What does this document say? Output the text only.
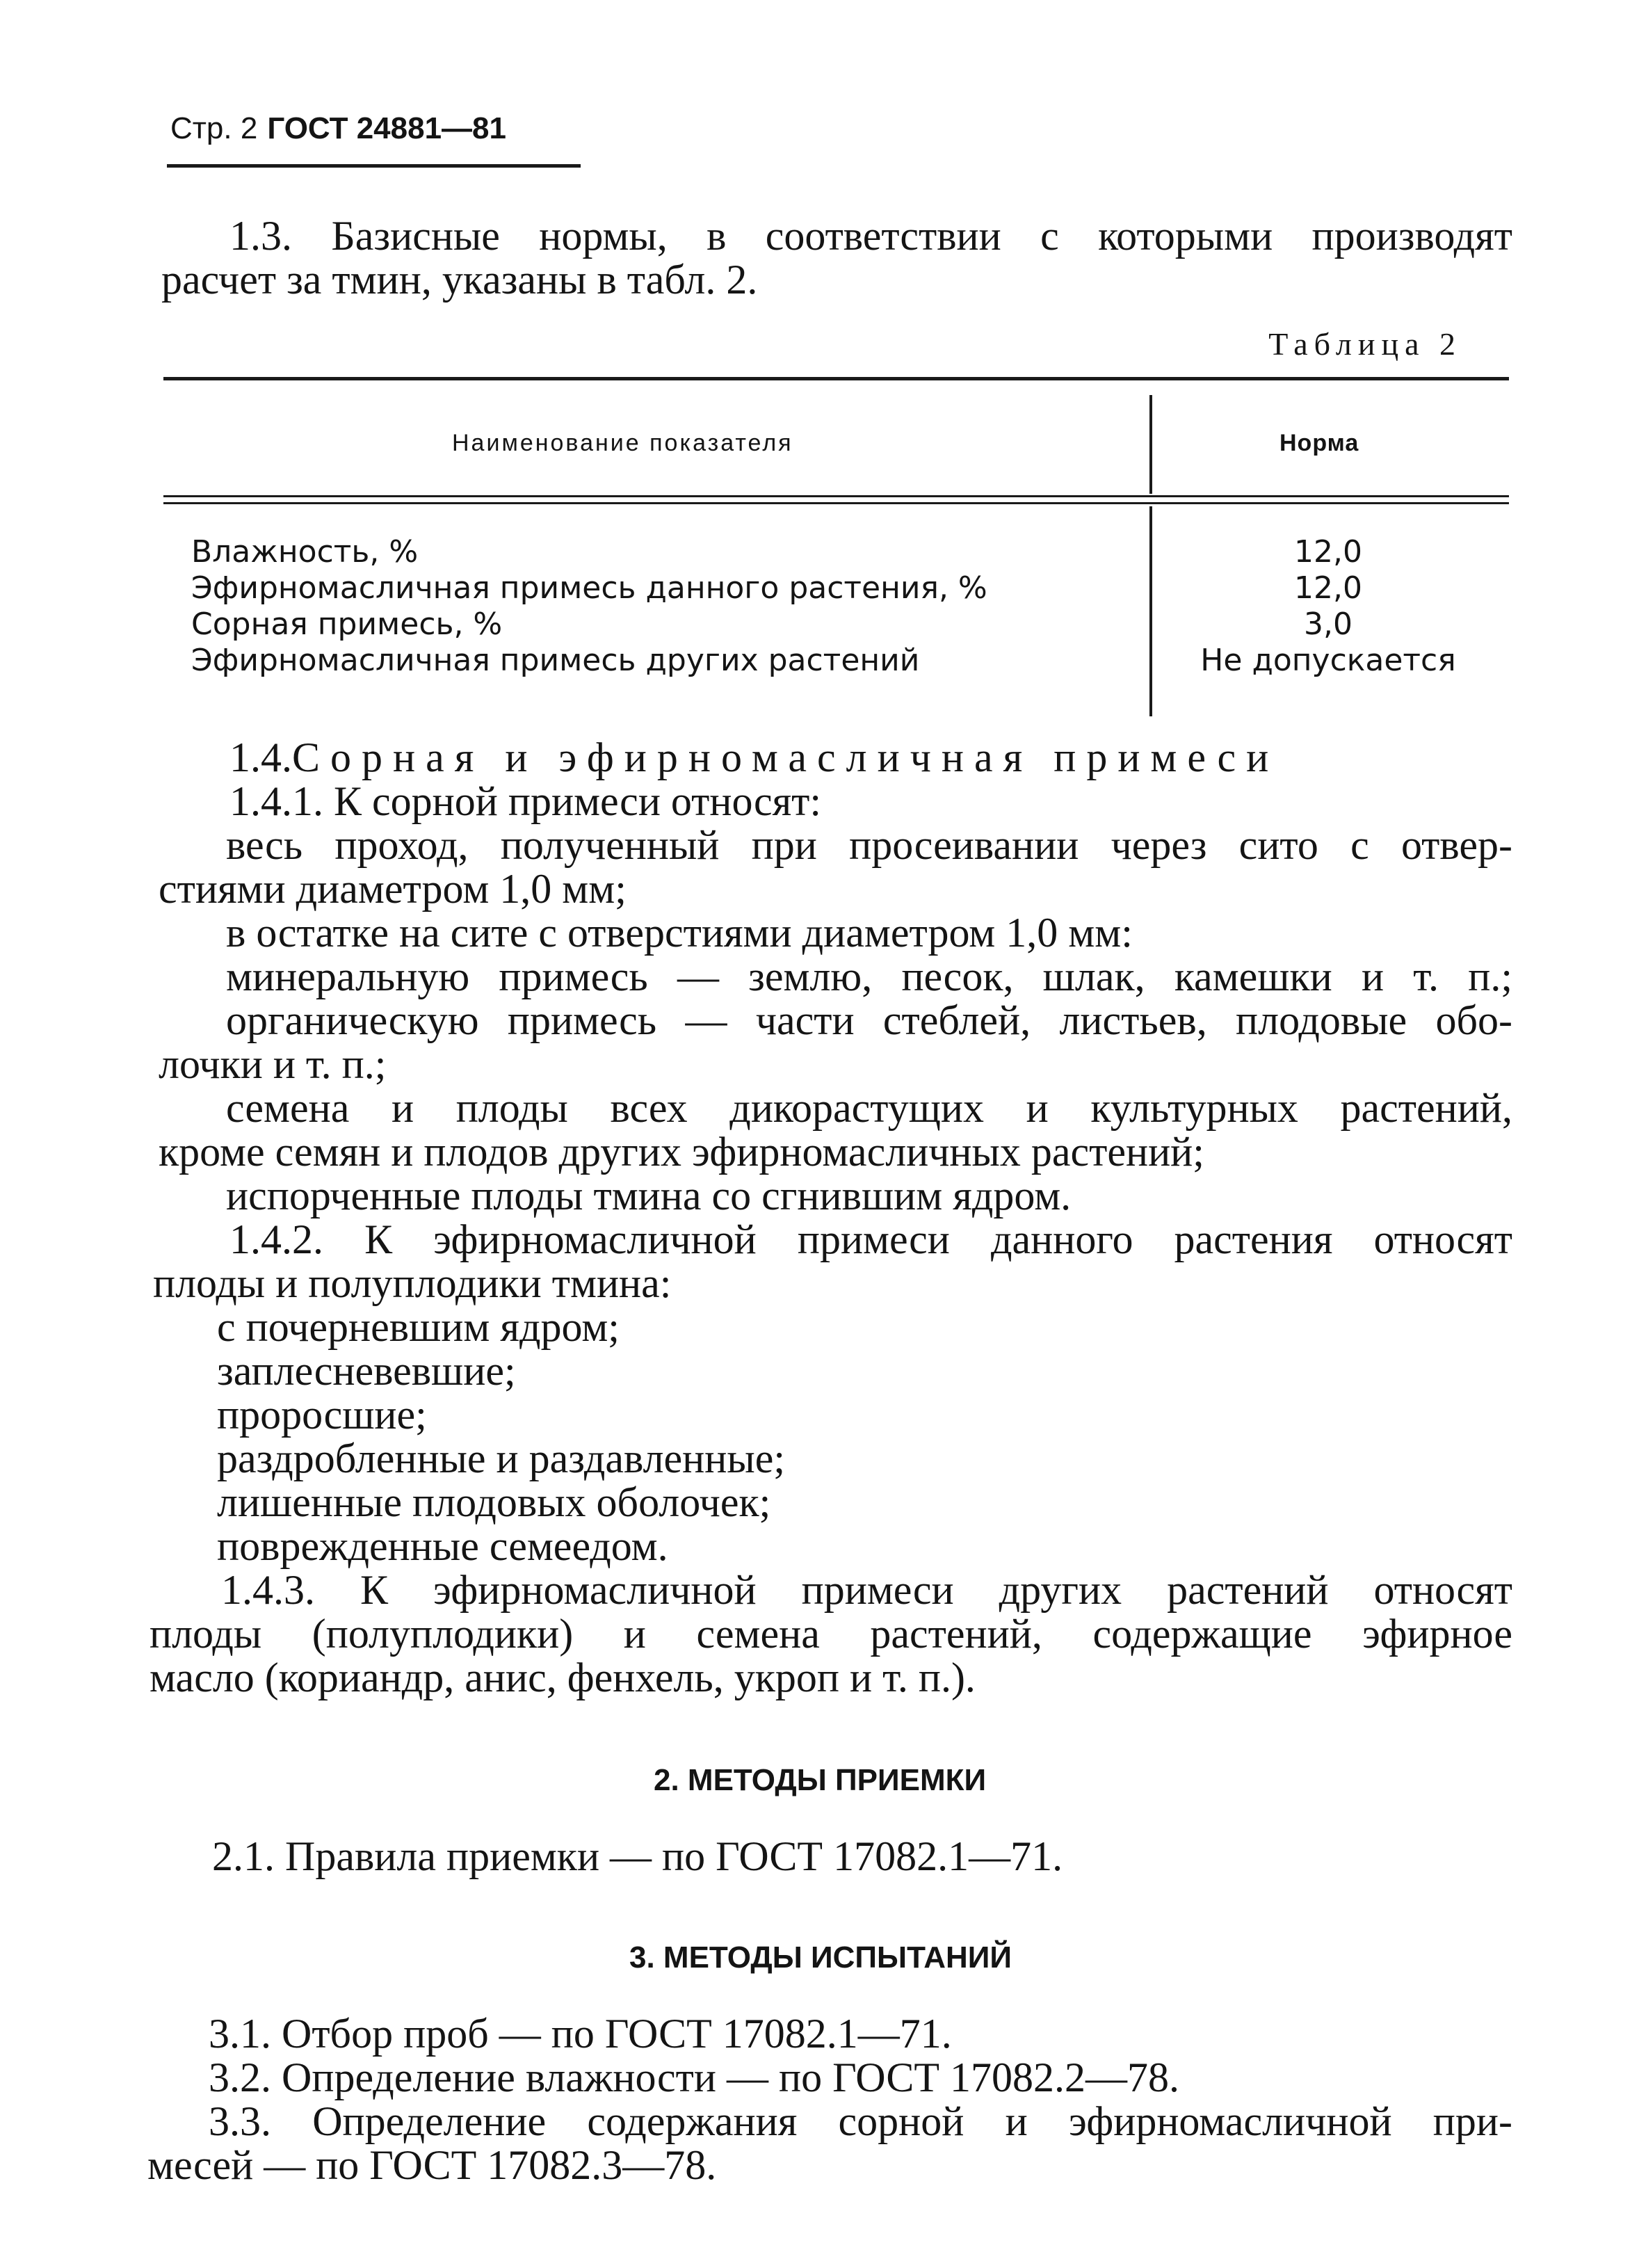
Стр. 2 ГОСТ 24881—81
1.3. Базисные нормы, в соответствии с которыми производят
расчет за тмин, указаны в табл. 2.
Таблица 2
Наименование показателя	Норма
Влажность, %	12,0
Эфирномасличная примесь данного растения, %	12,0
Сорная примесь, %	3,0
Эфирномасличная примесь других растений	Не допускается
1.4.Сорная и эфирномасличная примеси
1.4.1. К сорной примеси относят:
весь проход, полученный при просеивании через сито с отвер-
стиями диаметром 1,0 мм;
в остатке на сите с отверстиями диаметром 1,0 мм:
минеральную примесь — землю, песок, шлак, камешки и т. п.;
органическую примесь — части стеблей, листьев, плодовые обо-
лочки и т. п.;
семена и плоды всех дикорастущих и культурных растений,
кроме семян и плодов других эфирномасличных растений;
испорченные плоды тмина со сгнившим ядром.
1.4.2. К эфирномасличной примеси данного растения относят
плоды и полуплодики тмина:
с почерневшим ядром;
заплесневевшие;
проросшие;
раздробленные и раздавленные;
лишенные плодовых оболочек;
поврежденные семеедом.
1.4.3. К эфирномасличной примеси других растений относят
плоды (полуплодики) и семена растений, содержащие эфирное
масло (кориандр, анис, фенхель, укроп и т. п.).
2. МЕТОДЫ ПРИЕМКИ
2.1. Правила приемки — по ГОСТ 17082.1—71.
3. МЕТОДЫ ИСПЫТАНИЙ
3.1. Отбор проб — по ГОСТ 17082.1—71.
3.2. Определение влажности — по ГОСТ 17082.2—78.
3.3. Определение содержания сорной и эфирномасличной при-
месей — по ГОСТ 17082.3—78.
